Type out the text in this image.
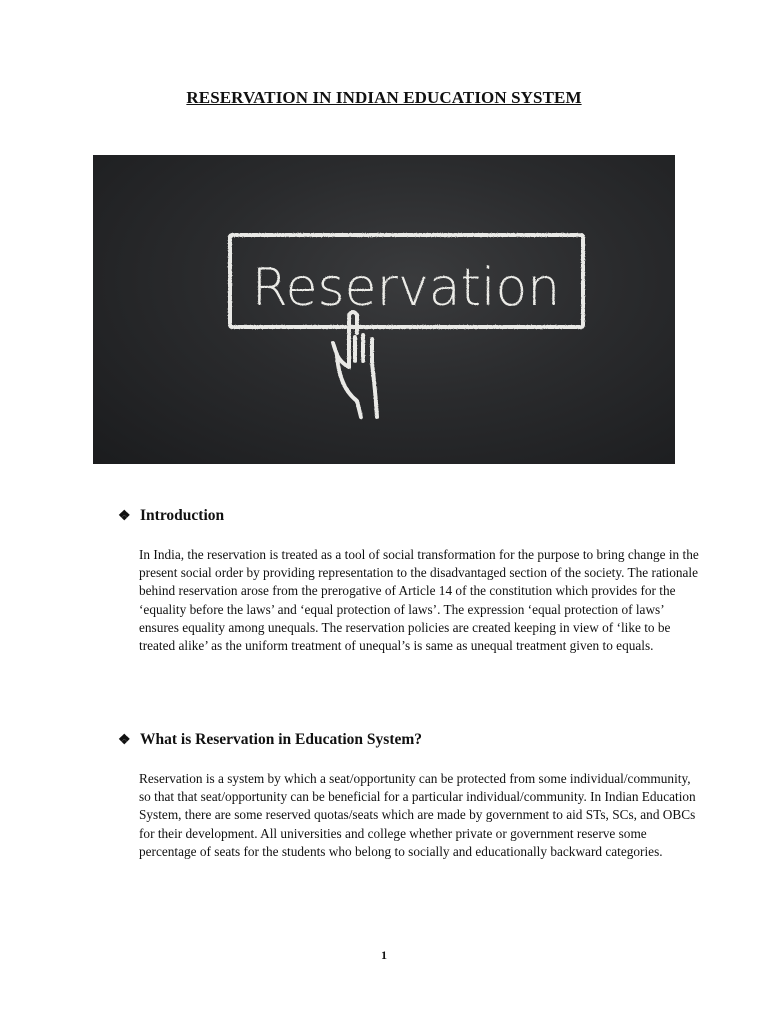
RESERVATION IN INDIAN EDUCATION SYSTEM
Reservation
❖ Introduction
In India, the reservation is treated as a tool of social transformation for the purpose to bring change in the present social order by providing representation to the disadvantaged section of the society. The rationale behind reservation arose from the prerogative of Article 14 of the constitution which provides for the ‘equality before the laws’ and ‘equal protection of laws’. The expression ‘equal protection of laws’ ensures equality among unequals. The reservation policies are created keeping in view of ‘like to be treated alike’ as the uniform treatment of unequal’s is same as unequal treatment given to equals.
❖ What is Reservation in Education System?
Reservation is a system by which a seat/opportunity can be protected from some individual/community, so that that seat/opportunity can be beneficial for a particular individual/community. In Indian Education System, there are some reserved quotas/seats which are made by government to aid STs, SCs, and OBCs for their development. All universities and college whether private or government reserve some percentage of seats for the students who belong to socially and educationally backward categories.
1
